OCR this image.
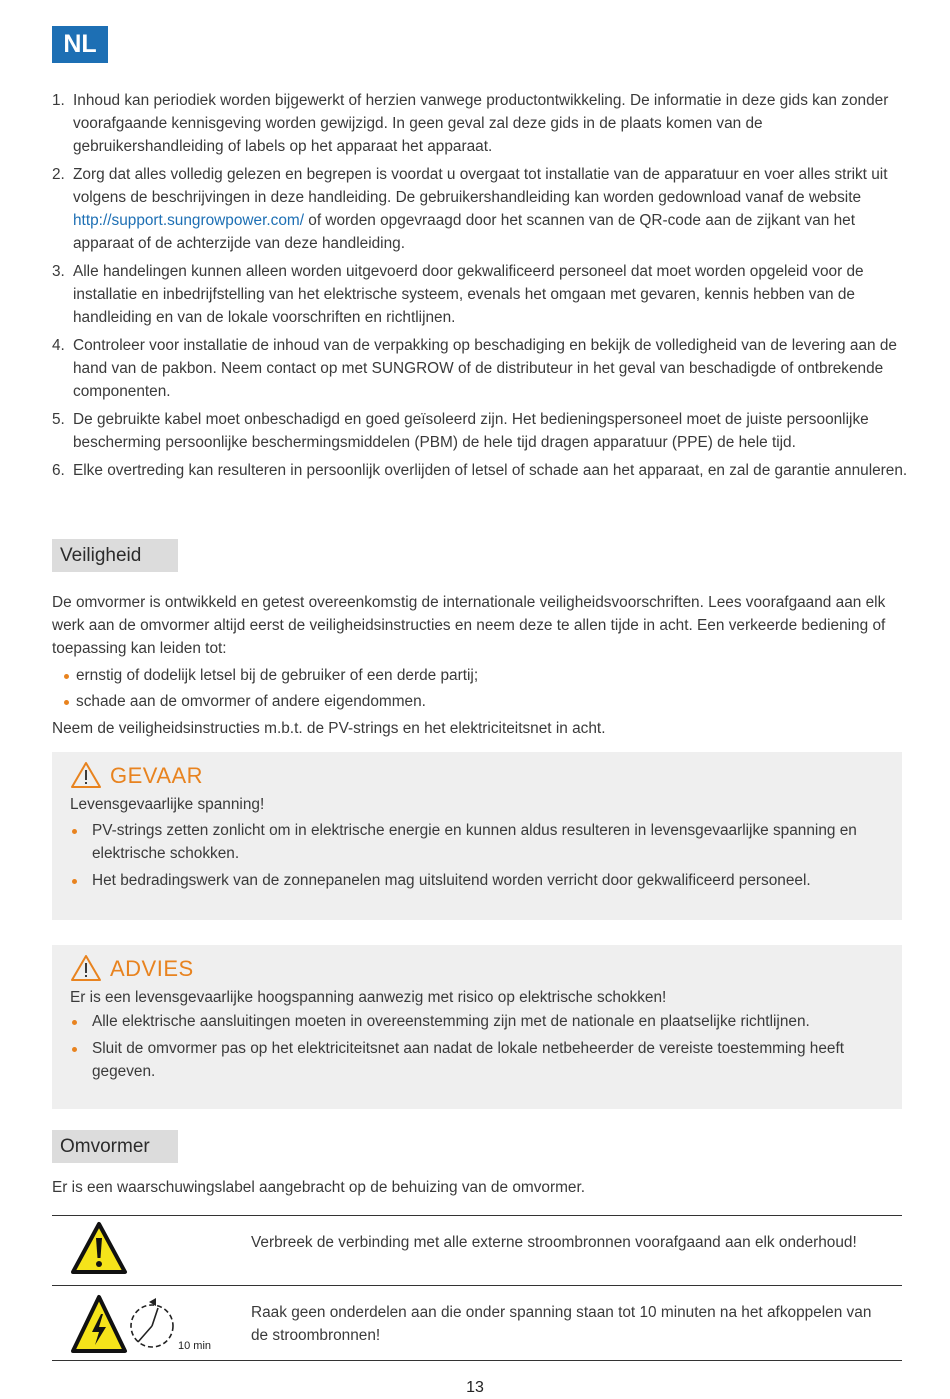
NL
1. Inhoud kan periodiek worden bijgewerkt of herzien vanwege productontwikkeling. De informatie in deze gids kan zonder voorafgaande kennisgeving worden gewijzigd. In geen geval zal deze gids in de plaats komen van de gebruikershandleiding of labels op het apparaat het apparaat.
2. Zorg dat alles volledig gelezen en begrepen is voordat u overgaat tot installatie van de apparatuur en voer alles strikt uit volgens de beschrijvingen in deze handleiding. De gebruikershandleiding kan worden gedownload vanaf de website http://support.sungrowpower.com/ of worden opgevraagd door het scannen van de QR-code aan de zijkant van het apparaat of de achterzijde van deze handleiding.
3. Alle handelingen kunnen alleen worden uitgevoerd door gekwalificeerd personeel dat moet worden opgeleid voor de installatie en inbedrijfstelling van het elektrische systeem, evenals het omgaan met gevaren, kennis hebben van de handleiding en van de lokale voorschriften en richtlijnen.
4. Controleer voor installatie de inhoud van de verpakking op beschadiging en bekijk de volledigheid van de levering aan de hand van de pakbon. Neem contact op met SUNGROW of de distributeur in het geval van beschadigde of ontbrekende componenten.
5. De gebruikte kabel moet onbeschadigd en goed geïsoleerd zijn. Het bedieningspersoneel moet de juiste persoonlijke bescherming persoonlijke beschermingsmiddelen (PBM) de hele tijd dragen apparatuur (PPE) de hele tijd.
6. Elke overtreding kan resulteren in persoonlijk overlijden of letsel of schade aan het apparaat, en zal de garantie annuleren.
Veiligheid

De omvormer is ontwikkeld en getest overeenkomstig de internationale veiligheidsvoorschriften. Lees voorafgaand aan elk werk aan de omvormer altijd eerst de veiligheidsinstructies en neem deze te allen tijde in acht. Een verkeerde bediening of toepassing kan leiden tot:

ernstig of dodelijk letsel bij de gebruiker of een derde partij;
schade aan de omvormer of andere eigendommen.

Neem de veiligheidsinstructies m.b.t. de PV-strings en het elektriciteitsnet in acht.

GEVAAR
Levensgevaarlijke spanning!
PV-strings zetten zonlicht om in elektrische energie en kunnen aldus resulteren in levensgevaarlijke spanning en elektrische schokken.
Het bedradingswerk van de zonnepanelen mag uitsluitend worden verricht door gekwalificeerd personeel.
ADVIES
Er is een levensgevaarlijke hoogspanning aanwezig met risico op elektrische schokken!
Alle elektrische aansluitingen moeten in overeenstemming zijn met de nationale en plaatselijke richtlijnen.
Sluit de omvormer pas op het elektriciteitsnet aan nadat de lokale netbeheerder de vereiste toestemming heeft gegeven.
Omvormer

Er is een waarschuwingslabel aangebracht op de behuizing van de omvormer.

Verbreek de verbinding met alle externe stroombronnen voorafgaand aan elk onderhoud!
10 min
Raak geen onderdelen aan die onder spanning staan tot 10 minuten na het afkoppelen van de stroombronnen!
13
